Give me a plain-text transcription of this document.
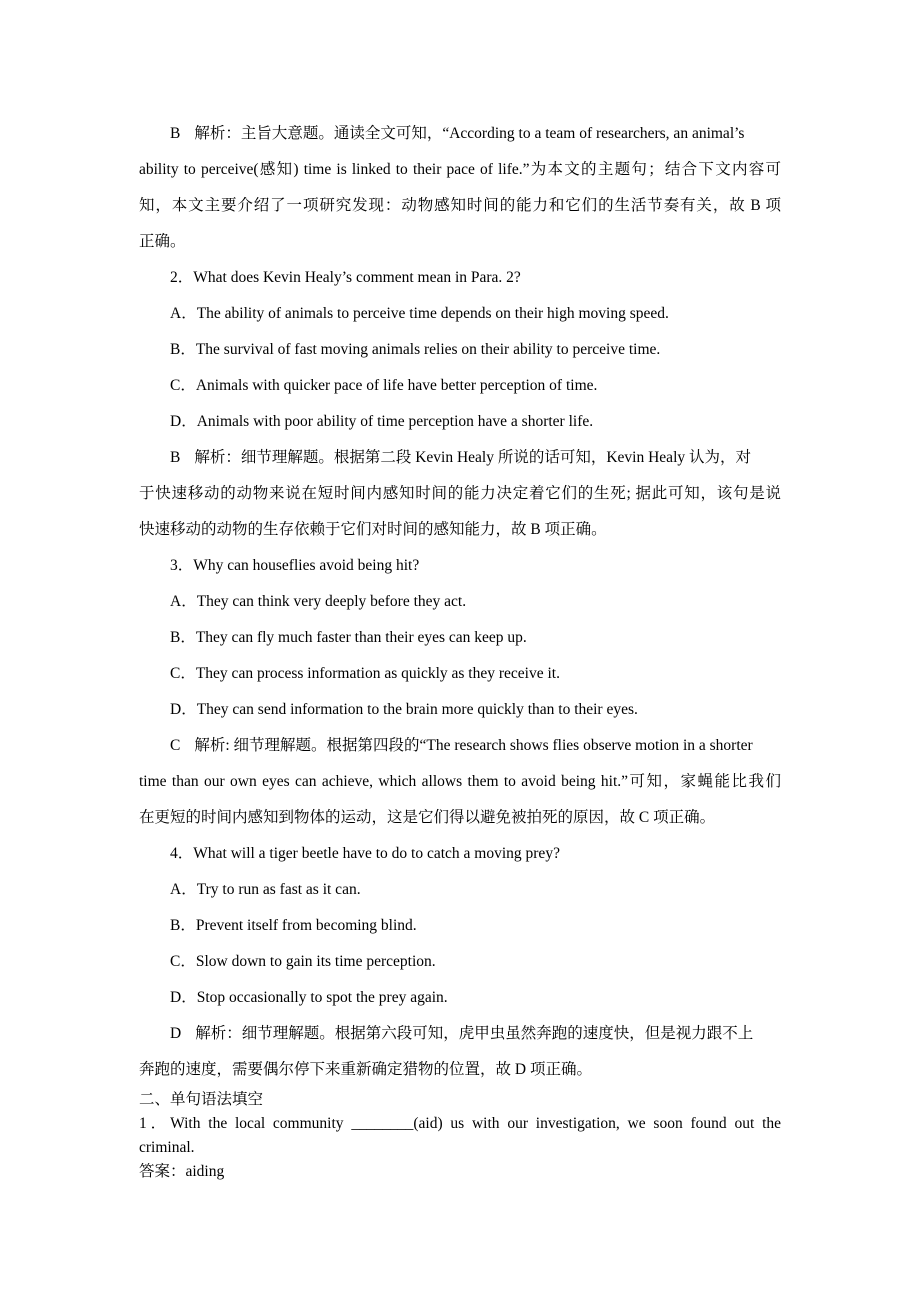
B 解析：主旨大意题。通读全文可知，“According to a team of researchers, an animal’s
ability to perceive(感知) time is linked to their pace of life.”为本文的主题句；结合下文内容可
知，本文主要介绍了一项研究发现：动物感知时间的能力和它们的生活节奏有关，故 B 项
正确。
2．What does Kevin Healy’s comment mean in Para. 2?
A．The ability of animals to perceive time depends on their high moving speed.
B．The survival of fast moving animals relies on their ability to perceive time.
C．Animals with quicker pace of life have better perception of time.
D．Animals with poor ability of time perception have a shorter life.
B 解析：细节理解题。根据第二段 Kevin Healy 所说的话可知，Kevin Healy 认为，对
于快速移动的动物来说在短时间内感知时间的能力决定着它们的生死; 据此可知，该句是说
快速移动的动物的生存依赖于它们对时间的感知能力，故 B 项正确。
3．Why can houseflies avoid being hit?
A．They can think very deeply before they act.
B．They can fly much faster than their eyes can keep up.
C．They can process information as quickly as they receive it.
D．They can send information to the brain more quickly than to their eyes.
C 解析: 细节理解题。根据第四段的“The research shows flies observe motion in a shorter
time than our own eyes can achieve, which allows them to avoid being hit.”可知，家蝇能比我们
在更短的时间内感知到物体的运动，这是它们得以避免被拍死的原因，故 C 项正确。
4．What will a tiger beetle have to do to catch a moving prey?
A．Try to run as fast as it can.
B．Prevent itself from becoming blind.
C．Slow down to gain its time perception.
D．Stop occasionally to spot the prey again.
D 解析：细节理解题。根据第六段可知，虎甲虫虽然奔跑的速度快，但是视力跟不上
奔跑的速度，需要偶尔停下来重新确定猎物的位置，故 D 项正确。
二、单句语法填空
1．With the local community ________(aid) us with our investigation, we soon found out the
criminal.
答案：aiding
